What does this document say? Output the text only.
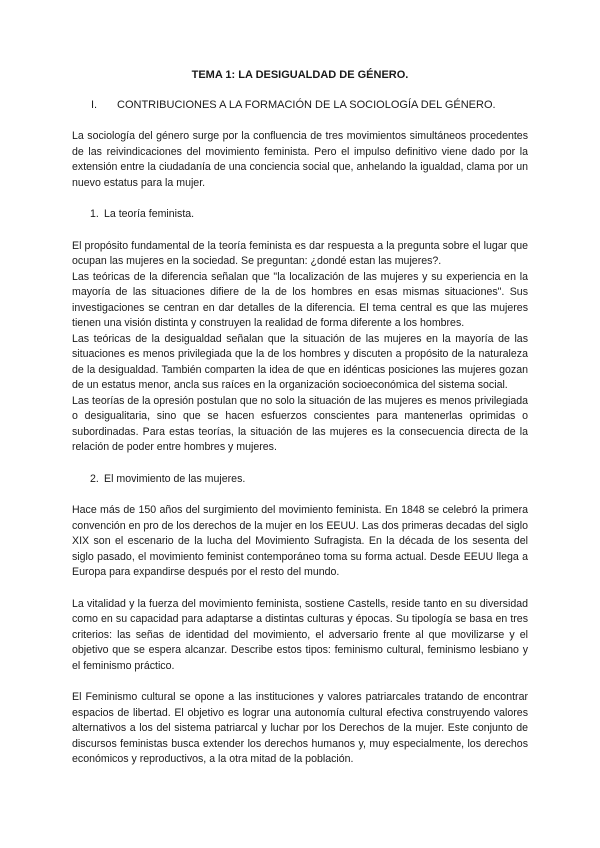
TEMA 1: LA DESIGUALDAD DE GÉNERO.
I.	CONTRIBUCIONES A LA FORMACIÓN DE LA SOCIOLOGÍA DEL GÉNERO.

La sociología del género surge por la confluencia de tres movimientos simultáneos procedentes de las reivindicaciones del movimiento feminista. Pero el impulso definitivo viene dado por la extensión entre la ciudadanía de una conciencia social que, anhelando la igualdad, clama por un nuevo estatus para la mujer.

1. La teoría feminista.

El propósito fundamental de la teoría feminista es dar respuesta a la pregunta sobre el lugar que ocupan las mujeres en la sociedad. Se preguntan: ¿dondé estan las mujeres?.

Las teóricas de la diferencia señalan que "la localización de las mujeres y su experiencia en la mayoría de las situaciones difiere de la de los hombres en esas mismas situaciones". Sus investigaciones se centran en dar detalles de la diferencia. El tema central es que las mujeres tienen una visión distinta y construyen la realidad de forma diferente a los hombres.

Las teóricas de la desigualdad señalan que la situación de las mujeres en la mayoría de las situaciones es menos privilegiada que la de los hombres y discuten a propósito de la naturaleza de la desigualdad. También comparten la idea de que en idénticas posiciones las mujeres gozan de un estatus menor, ancla sus raíces en la organización socioeconómica del sistema social.

Las teorías de la opresión postulan que no solo la situación de las mujeres es menos privilegiada o desigualitaria, sino que se hacen esfuerzos conscientes para mantenerlas oprimidas o subordinadas. Para estas teorías, la situación de las mujeres es la consecuencia directa de la relación de poder entre hombres y mujeres.

2. El movimiento de las mujeres.

Hace más de 150 años del surgimiento del movimiento feminista. En 1848 se celebró la primera convención en pro de los derechos de la mujer en los EEUU. Las dos primeras decadas del siglo XIX son el escenario de la lucha del Movimiento Sufragista. En la década de los sesenta del siglo pasado, el movimiento feminist contemporáneo toma su forma actual. Desde EEUU llega a Europa para expandirse después por el resto del mundo.

La vitalidad y la fuerza del movimiento feminista, sostiene Castells, reside tanto en su diversidad como en su capacidad para adaptarse a distintas culturas y épocas. Su tipología se basa en tres criterios: las señas de identidad del movimiento, el adversario frente al que movilizarse y el objetivo que se espera alcanzar. Describe estos tipos: feminismo cultural, feminismo lesbiano y el feminismo práctico.

El Feminismo cultural se opone a las instituciones y valores patriarcales tratando de encontrar espacios de libertad. El objetivo es lograr una autonomía cultural efectiva construyendo valores alternativos a los del sistema patriarcal y luchar por los Derechos de la mujer. Este conjunto de discursos feministas busca extender los derechos humanos y, muy especialmente, los derechos económicos y reproductivos, a la otra mitad de la población.
